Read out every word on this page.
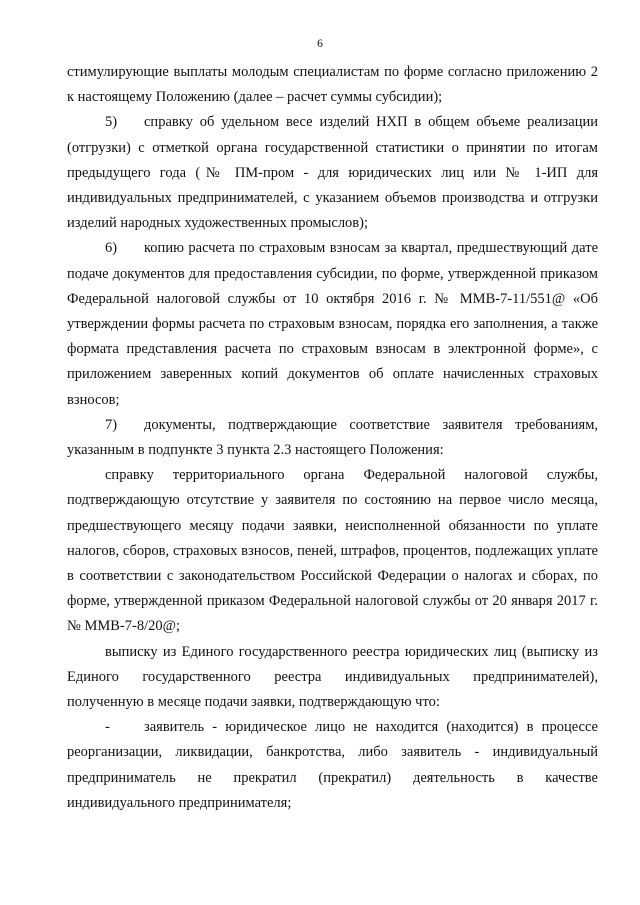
6

стимулирующие выплаты молодым специалистам по форме согласно приложению 2 к настоящему Положению (далее – расчет суммы субсидии);

5) справку об удельном весе изделий НХП в общем объеме реализации (отгрузки) с отметкой органа государственной статистики о принятии по итогам предыдущего года (№ ПМ-пром - для юридических лиц или № 1-ИП для индивидуальных предпринимателей, с указанием объемов производства и отгрузки изделий народных художественных промыслов);
6) копию расчета по страховым взносам за квартал, предшествующий дате подаче документов для предоставления субсидии, по форме, утвержденной приказом Федеральной налоговой службы от 10 октября 2016 г. № ММВ-7-11/551@ «Об утверждении формы расчета по страховым взносам, порядка его заполнения, а также формата представления расчета по страховым взносам в электронной форме», с приложением заверенных копий документов об оплате начисленных страховых взносов;
7) документы, подтверждающие соответствие заявителя требованиям, указанным в подпункте 3 пункта 2.3 настоящего Положения:

справку территориального органа Федеральной налоговой службы, подтверждающую отсутствие у заявителя по состоянию на первое число месяца, предшествующего месяцу подачи заявки, неисполненной обязанности по уплате налогов, сборов, страховых взносов, пеней, штрафов, процентов, подлежащих уплате в соответствии с законодательством Российской Федерации о налогах и сборах, по форме, утвержденной приказом Федеральной налоговой службы от 20 января 2017 г. № ММВ-7-8/20@;

выписку из Единого государственного реестра юридических лиц (выписку из Единого государственного реестра индивидуальных предпринимателей), полученную в месяце подачи заявки, подтверждающую что:

- заявитель - юридическое лицо не находится (находится) в процессе реорганизации, ликвидации, банкротства, либо заявитель - индивидуальный предприниматель не прекратил (прекратил) деятельность в качестве индивидуального предпринимателя;
